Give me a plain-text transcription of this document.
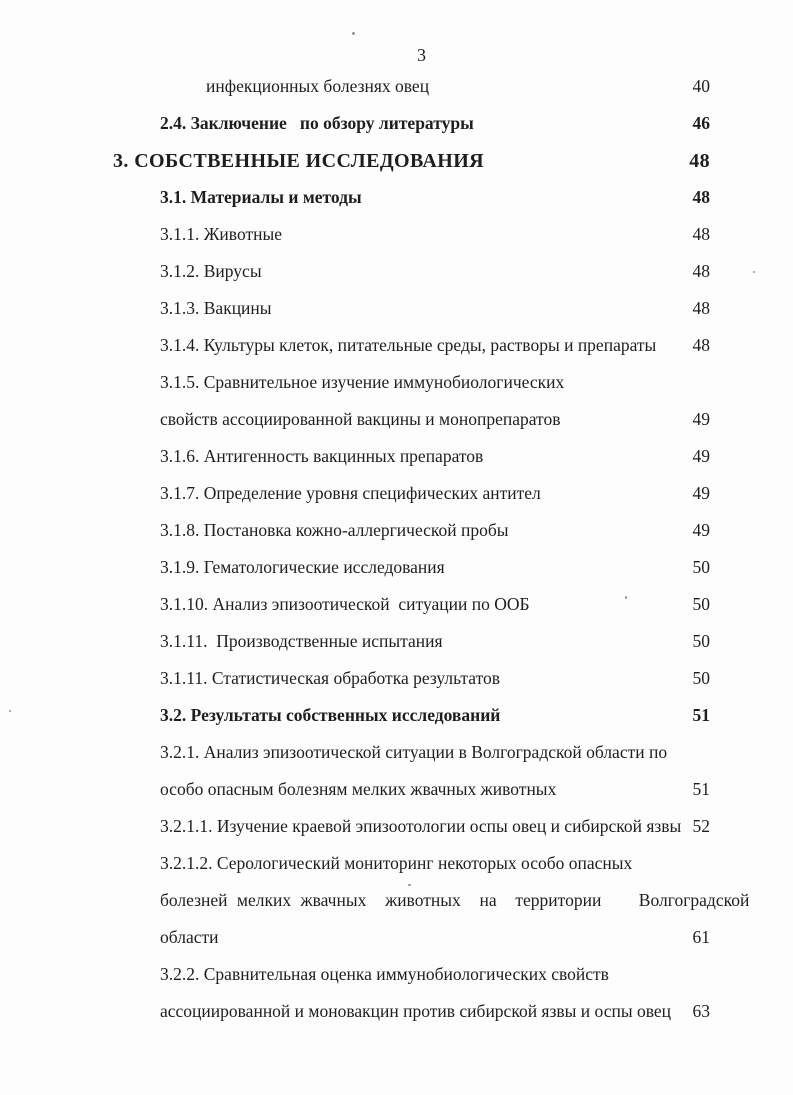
3
инфекционных болезнях овец	40
2.4. Заключение   по обзору литературы	46
3. СОБСТВЕННЫЕ ИССЛЕДОВАНИЯ	48
3.1. Материалы и методы	48
3.1.1. Животные	48
3.1.2. Вирусы	48
3.1.3. Вакцины	48
3.1.4. Культуры клеток, питательные среды, растворы и препараты 48
3.1.5. Сравнительное изучение иммунобиологических
свойств ассоциированной вакцины и монопрепаратов	49
3.1.6. Антигенность вакцинных препаратов	49
3.1.7. Определение уровня специфических антител	49
3.1.8. Постановка кожно-аллергической пробы	49
3.1.9. Гематологические исследования	50
3.1.10. Анализ эпизоотической  ситуации по ООБ	50
3.1.11.  Производственные испытания	50
3.1.11. Статистическая обработка результатов	50
3.2. Результаты собственных исследований	51
3.2.1. Анализ эпизоотической ситуации в Волгоградской области по
особо опасным болезням мелких жвачных животных	51
3.2.1.1. Изучение краевой эпизоотологии оспы овец и сибирской язвы 52
3.2.1.2. Серологический мониторинг некоторых особо опасных
болезней мелких жвачных  животных  на  территории    Волгоградской
области	61
3.2.2. Сравнительная оценка иммунобиологических свойств
ассоциированной и моновакцин против сибирской язвы и оспы овец 63
